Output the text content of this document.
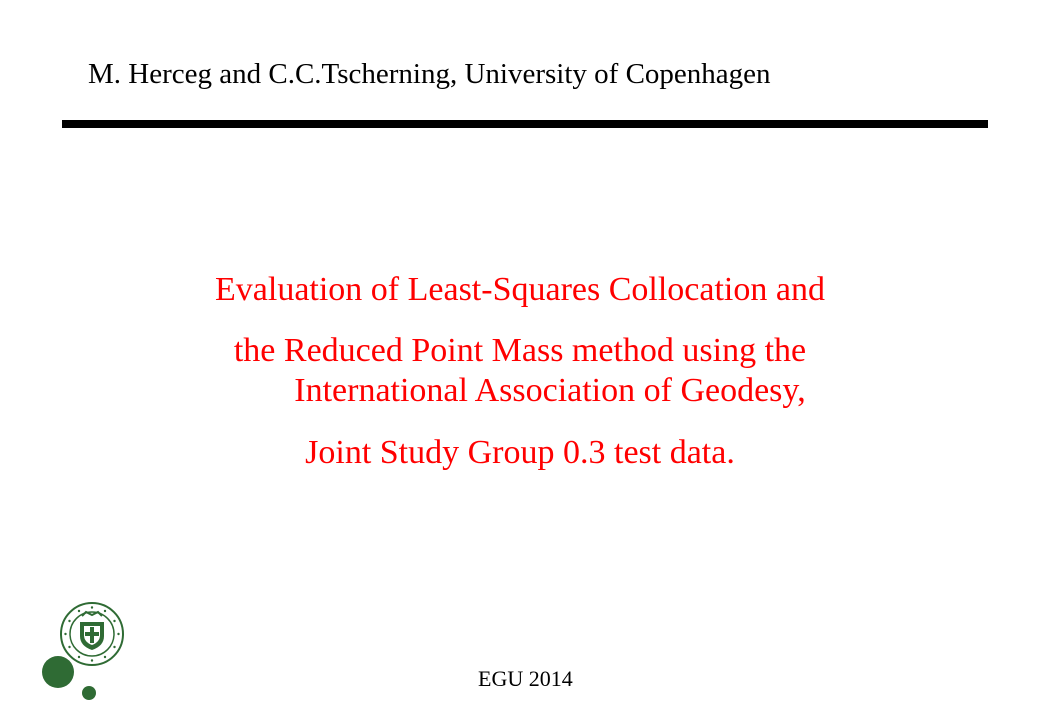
M. Herceg and C.C.Tscherning, University of Copenhagen
Evaluation of Least-Squares Collocation and
the Reduced Point Mass method using the
International Association of Geodesy,
Joint Study Group 0.3 test data.
EGU 2014
